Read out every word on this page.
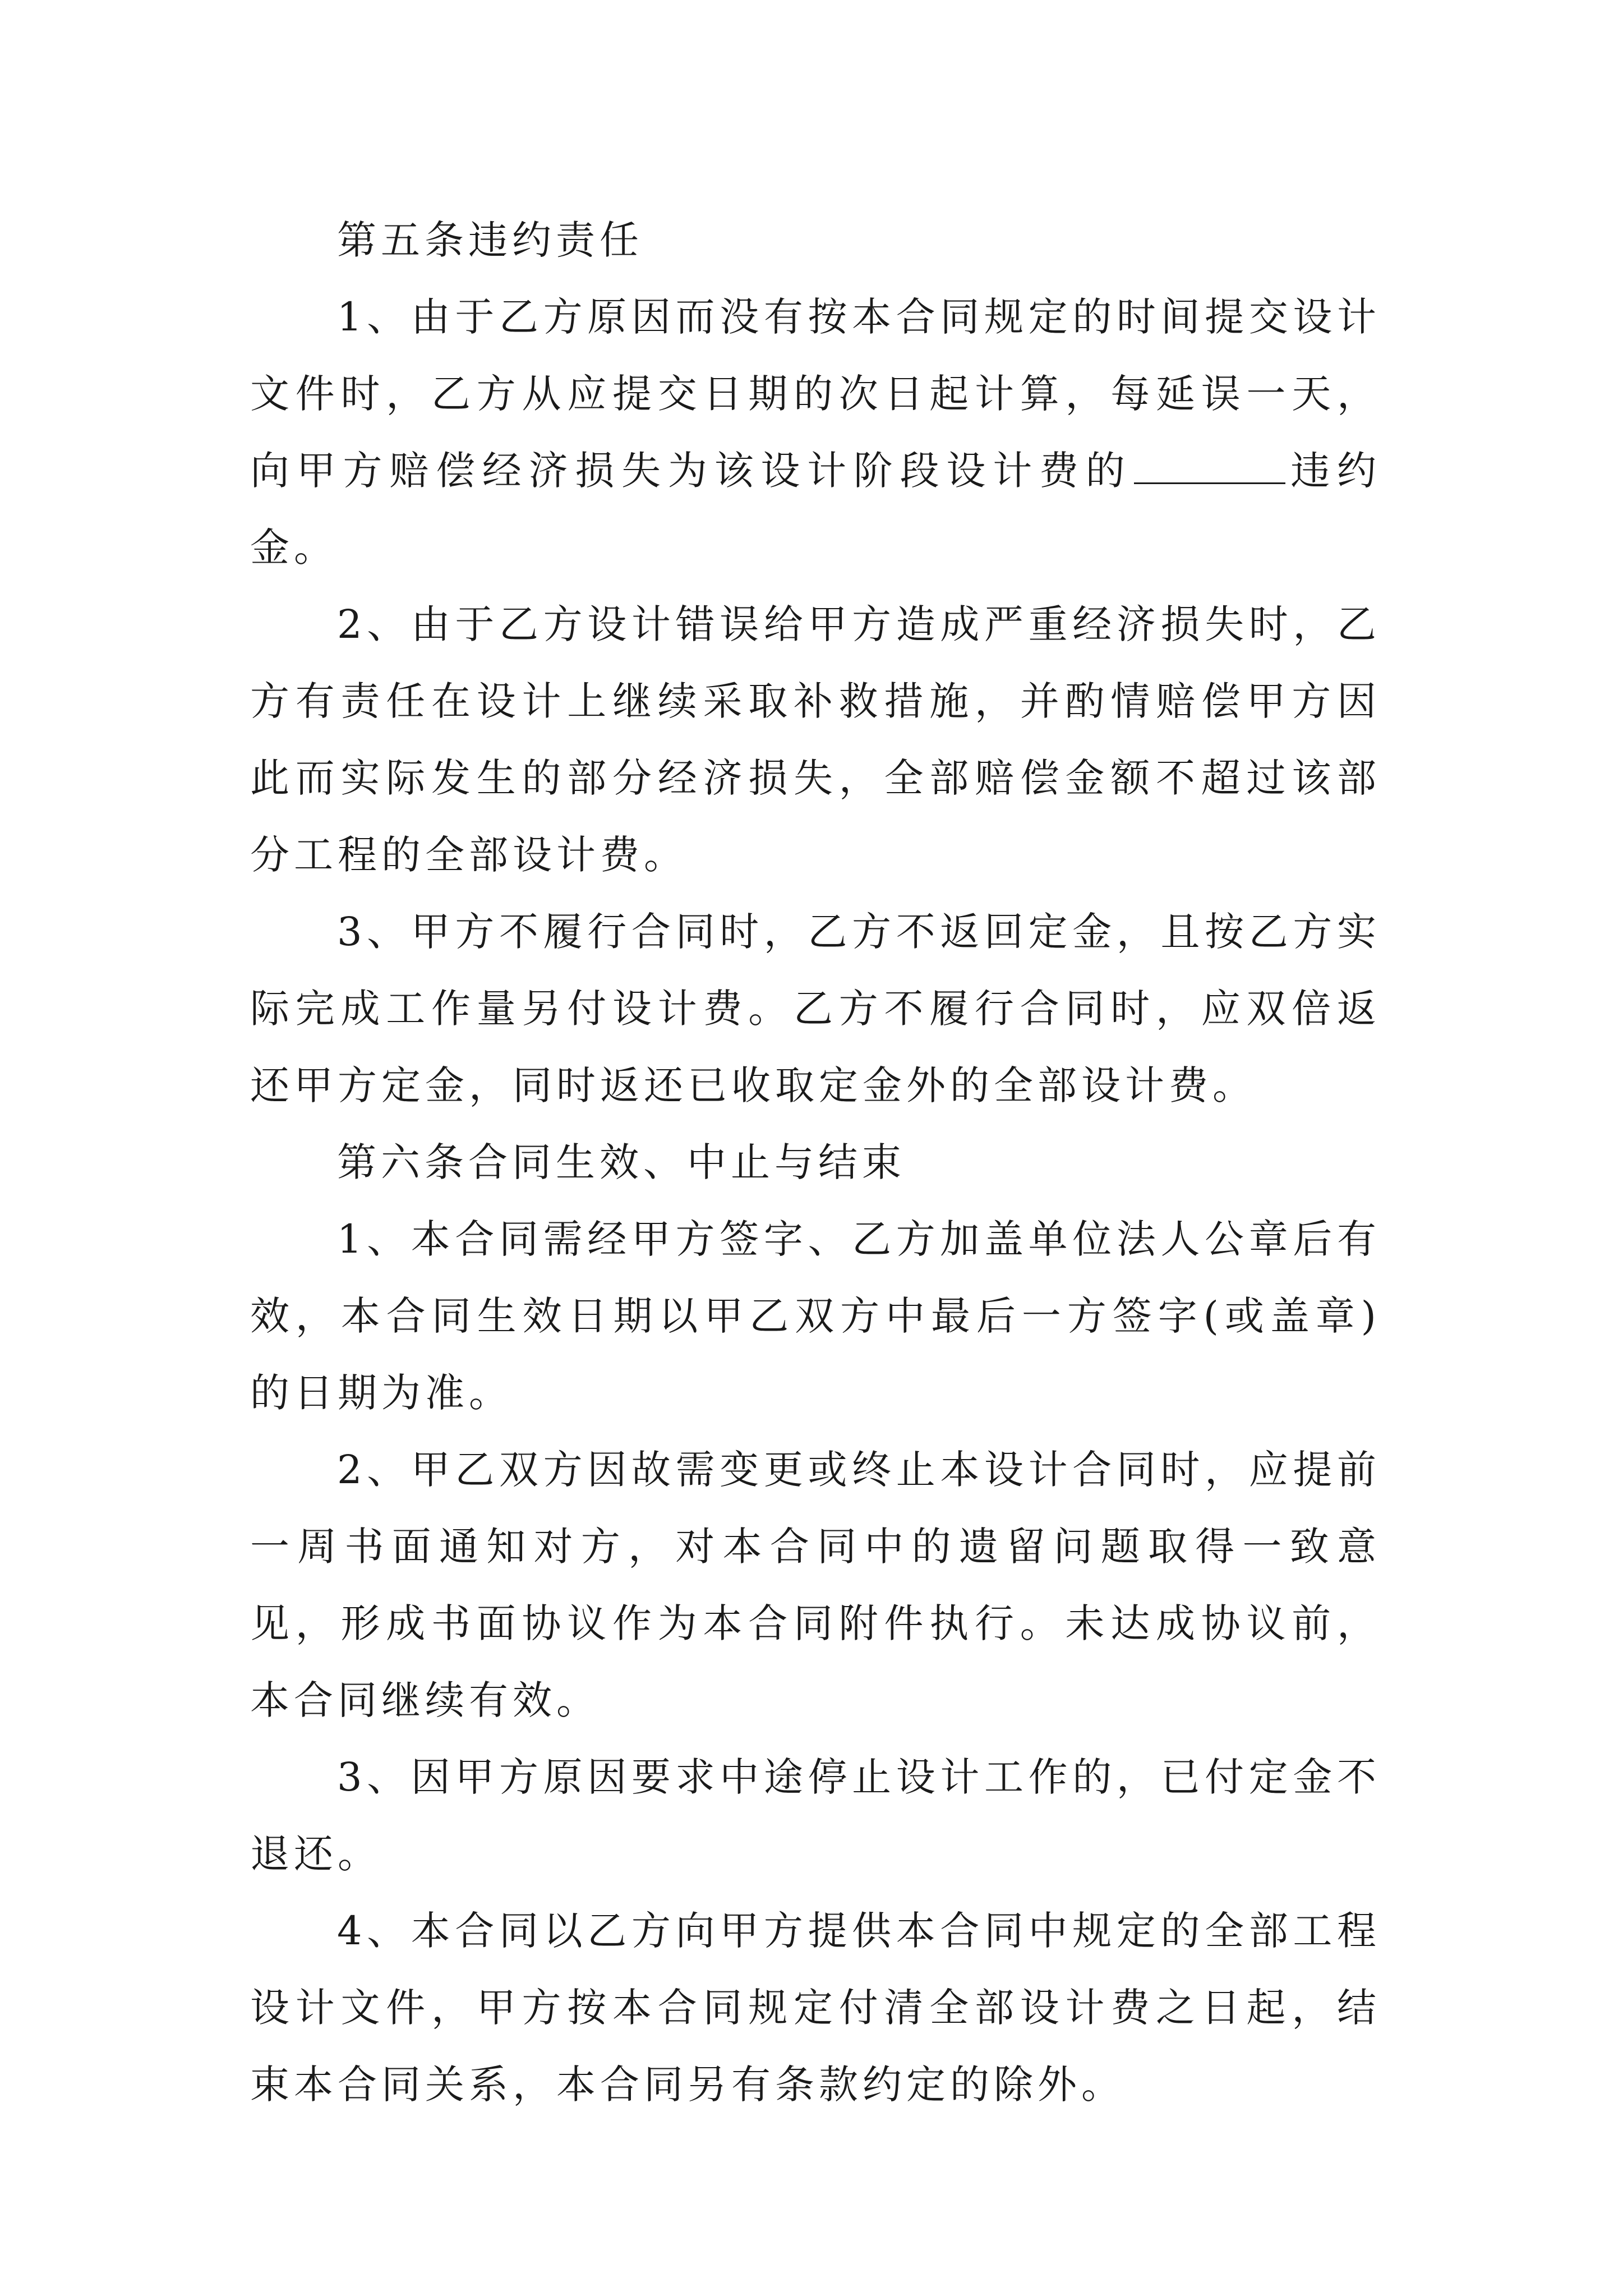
第五条违约责任

1、由于乙方原因而没有按本合同规定的时间提交设计文件时，乙方从应提交日期的次日起计算，每延误一天，向甲方赔偿经济损失为该设计阶段设计费的	违约金。

2、由于乙方设计错误给甲方造成严重经济损失时，乙方有责任在设计上继续采取补救措施，并酌情赔偿甲方因此而实际发生的部分经济损失，全部赔偿金额不超过该部分工程的全部设计费。

3、甲方不履行合同时，乙方不返回定金，且按乙方实际完成工作量另付设计费。乙方不履行合同时，应双倍返还甲方定金，同时返还已收取定金外的全部设计费。

第六条合同生效、中止与结束

1、本合同需经甲方签字、乙方加盖单位法人公章后有效，本合同生效日期以甲乙双方中最后一方签字(或盖章)的日期为准。

2、甲乙双方因故需变更或终止本设计合同时，应提前一周书面通知对方，对本合同中的遗留问题取得一致意见，形成书面协议作为本合同附件执行。未达成协议前，本合同继续有效。

3、因甲方原因要求中途停止设计工作的，已付定金不退还。

4、本合同以乙方向甲方提供本合同中规定的全部工程设计文件，甲方按本合同规定付清全部设计费之日起，结束本合同关系，本合同另有条款约定的除外。
